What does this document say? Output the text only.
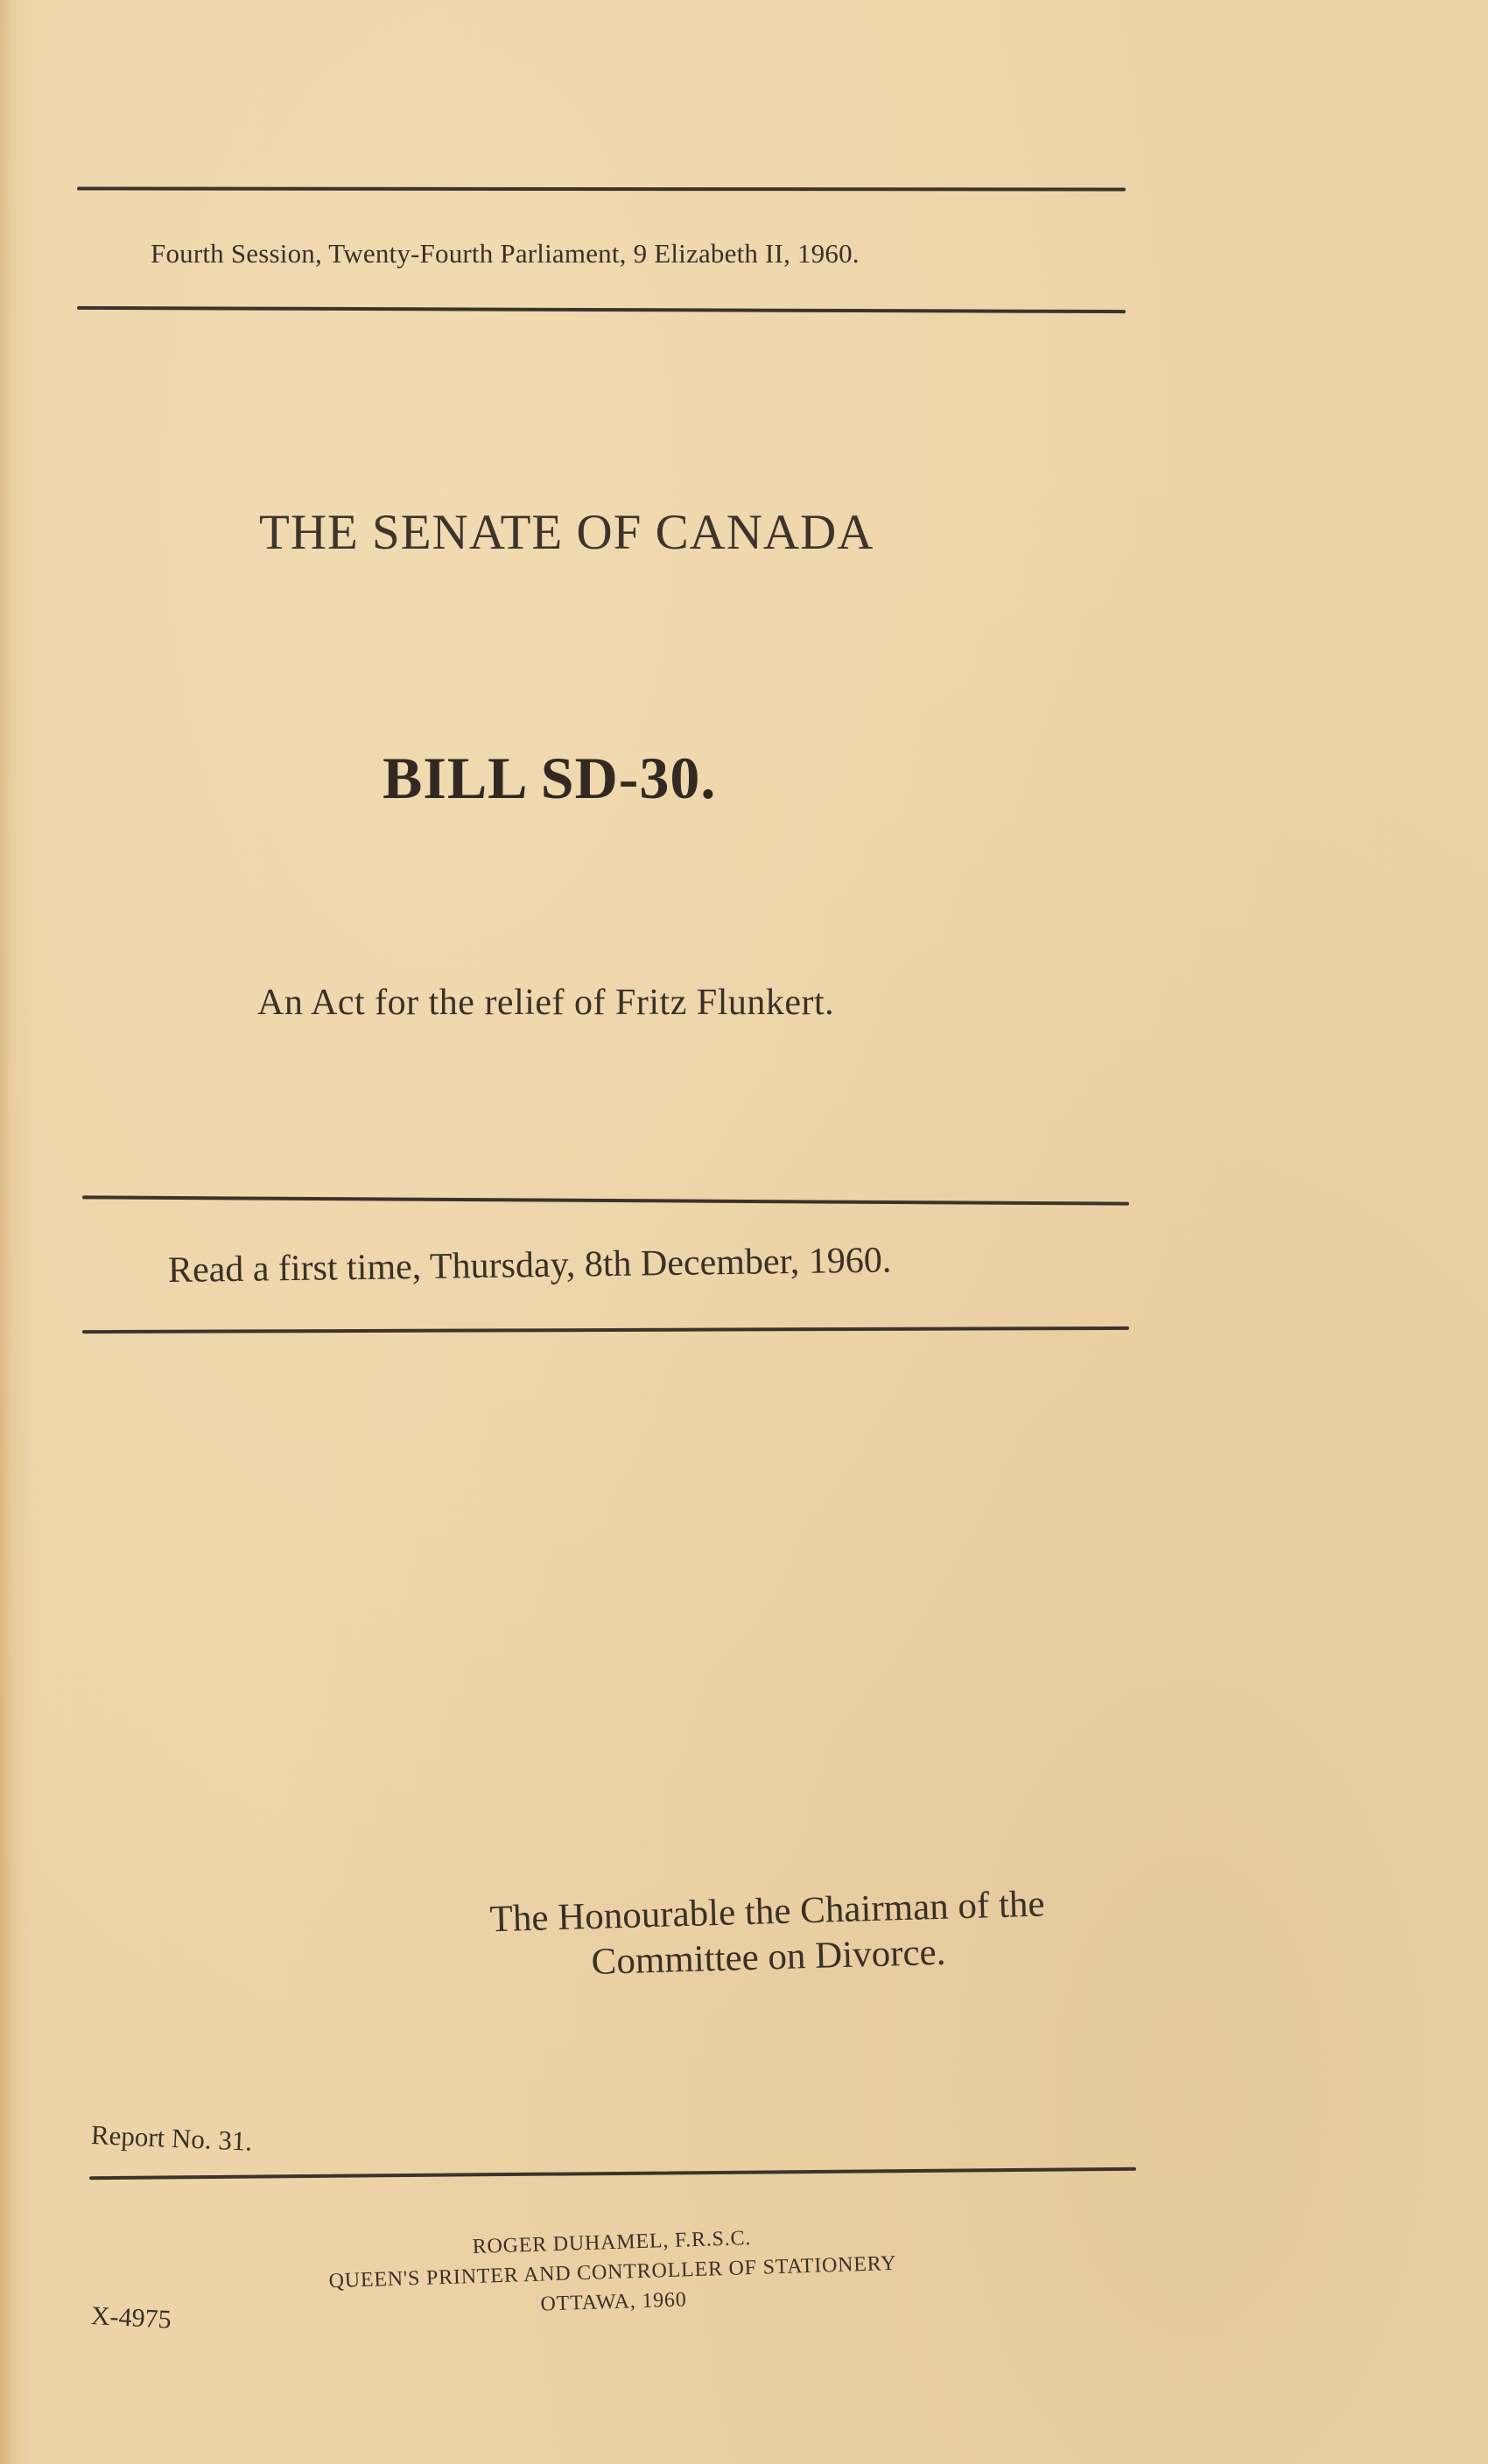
Fourth Session, Twenty-Fourth Parliament, 9 Elizabeth II, 1960.
THE SENATE OF CANADA
BILL SD-30.
An Act for the relief of Fritz Flunkert.
Read a first time, Thursday, 8th December, 1960.
The Honourable the Chairman of the
Committee on Divorce.
Report No. 31.
ROGER DUHAMEL, F.R.S.C.
QUEEN'S PRINTER AND CONTROLLER OF STATIONERY
OTTAWA, 1960
X-4975
